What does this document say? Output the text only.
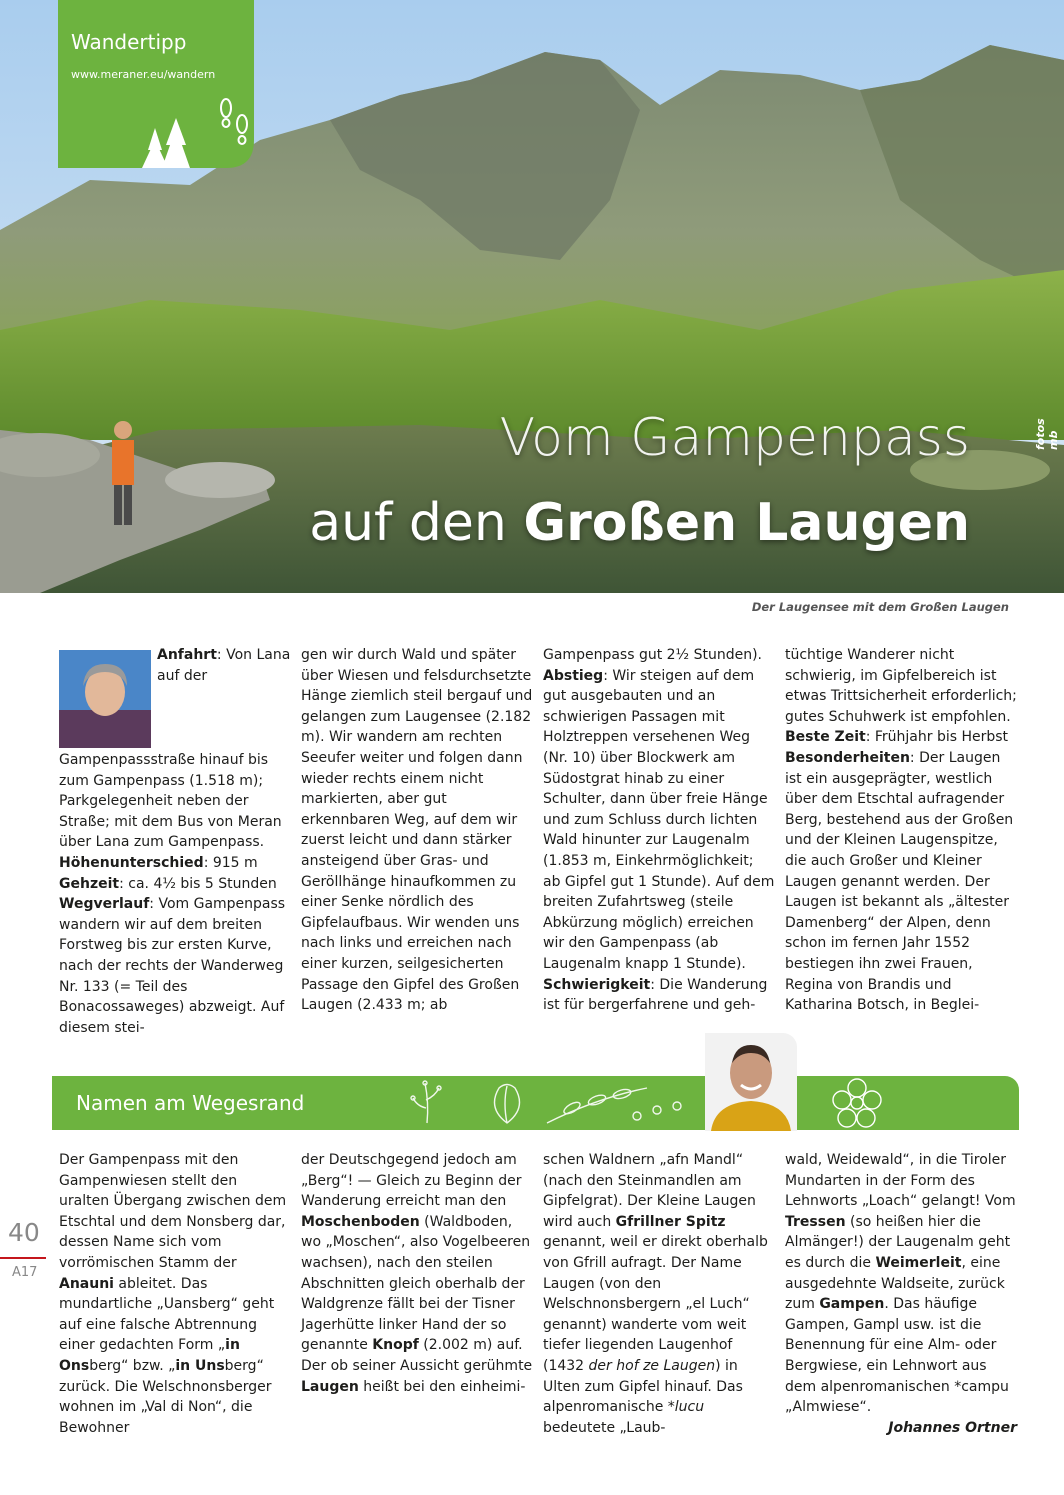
Wandertipp
www.meraner.eu/wandern
Vom Gampenpass
auf den Großen Laugen
fotos mb
Der Laugensee mit dem Großen Laugen

Anfahrt: Von Lana auf der Gampenpassstraße hinauf bis zum Gampenpass (1.518 m); Parkgelegenheit neben der Straße; mit dem Bus von Meran über Lana zum Gampenpass.

Höhenunterschied: 915 m

Gehzeit: ca. 4½ bis 5 Stunden

Wegverlauf: Vom Gampenpass wandern wir auf dem breiten Forstweg bis zur ersten Kurve, nach der rechts der Wanderweg Nr. 133 (= Teil des Bonacossaweges) abzweigt. Auf diesem stei-

gen wir durch Wald und später über Wiesen und felsdurchsetzte Hänge ziemlich steil bergauf und gelangen zum Laugensee (2.182 m). Wir wandern am rechten Seeufer weiter und folgen dann wieder rechts einem nicht markierten, aber gut erkennbaren Weg, auf dem wir zuerst leicht und dann stärker ansteigend über Gras- und Geröllhänge hinaufkommen zu einer Senke nördlich des Gipfelaufbaus. Wir wenden uns nach links und erreichen nach einer kurzen, seilgesicherten Passage den Gipfel des Großen Laugen (2.433 m; ab

Gampenpass gut 2½ Stunden).

Abstieg: Wir steigen auf dem gut ausgebauten und an schwierigen Passagen mit Holztreppen versehenen Weg (Nr. 10) über Blockwerk am Südostgrat hinab zu einer Schulter, dann über freie Hänge und zum Schluss durch lichten Wald hinunter zur Laugenalm (1.853 m, Einkehrmöglichkeit; ab Gipfel gut 1 Stunde). Auf dem breiten Zufahrtsweg (steile Abkürzung möglich) erreichen wir den Gampenpass (ab Laugenalm knapp 1 Stunde).

Schwierigkeit: Die Wanderung ist für bergerfahrene und geh-

tüchtige Wanderer nicht schwierig, im Gipfelbereich ist etwas Trittsicherheit erforderlich; gutes Schuhwerk ist empfohlen.

Beste Zeit: Frühjahr bis Herbst

Besonderheiten: Der Laugen ist ein ausgeprägter, westlich über dem Etschtal aufragender Berg, bestehend aus der Großen und der Kleinen Laugenspitze, die auch Großer und Kleiner Laugen genannt werden. Der Laugen ist bekannt als „ältester Damenberg“ der Alpen, denn schon im fernen Jahr 1552 bestiegen ihn zwei Frauen, Regina von Brandis und Katharina Botsch, in Beglei-

Namen am Wegesrand

Der Gampenpass mit den Gampenwiesen stellt den uralten Übergang zwischen dem Etschtal und dem Nonsberg dar, dessen Name sich vom vorrömischen Stamm der Anauni ableitet. Das mundartliche „Uansberg“ geht auf eine falsche Abtrennung einer gedachten Form „in Onsberg“ bzw. „in Unsberg“ zurück. Die Welschnonsberger wohnen im „Val di Non“, die Bewohner

der Deutschgegend jedoch am „Berg“! — Gleich zu Beginn der Wanderung erreicht man den Moschenboden (Waldboden, wo „Moschen“, also Vogelbeeren wachsen), nach den steilen Abschnitten gleich oberhalb der Waldgrenze fällt bei der Tisner Jagerhütte linker Hand der so genannte Knopf (2.002 m) auf. Der ob seiner Aussicht gerühmte Laugen heißt bei den einheimi-

schen Waldnern „afn Mandl“ (nach den Steinmandlen am Gipfelgrat). Der Kleine Laugen wird auch Gfrillner Spitz genannt, weil er direkt oberhalb von Gfrill aufragt. Der Name Laugen (von den Welschnonsbergern „el Luch“ genannt) wanderte vom weit tiefer liegenden Laugenhof (1432 der hof ze Laugen) in Ulten zum Gipfel hinauf. Das alpenromanische *lucu bedeutete „Laub-

wald, Weidewald“, in die Tiroler Mundarten in der Form des Lehnworts „Loach“ gelangt! Vom Tressen (so heißen hier die Almänger!) der Laugenalm geht es durch die Weimerleit, eine ausgedehnte Waldseite, zurück zum Gampen. Das häufige Gampen, Gampl usw. ist die Benennung für eine Alm- oder Bergwiese, ein Lehnwort aus dem alpenromanischen *campu „Almwiese“.

Johannes Ortner

40
A17
